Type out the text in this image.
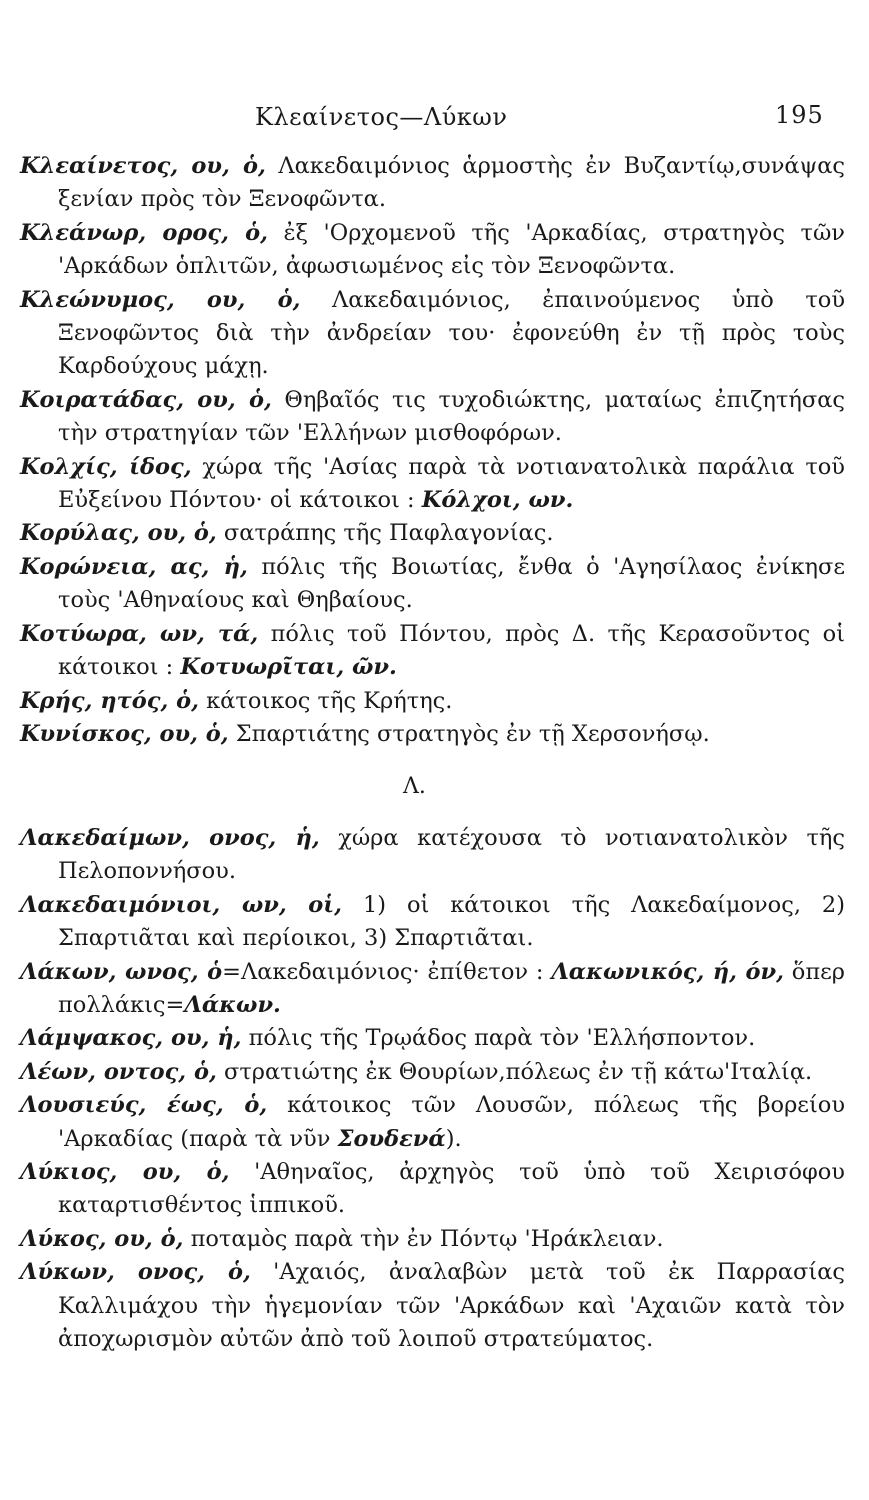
Κλεαίνετος—Λύκων	195

Κλεαίνετος, ου, ὁ, Λακεδαιμόνιος ἁρμοστὴς ἐν Βυζαντίῳ,συνάψας ξενίαν πρὸς τὸν Ξενοφῶντα.

Κλεάνωρ, ορος, ὁ, ἐξ 'Ορχομενοῦ τῆς 'Αρκαδίας, στρατηγὸς τῶν 'Αρκάδων ὁπλιτῶν, ἀφωσιωμένος εἰς τὸν Ξενοφῶντα.

Κλεώνυμος, ου, ὁ, Λακεδαιμόνιος, ἐπαινούμενος ὑπὸ τοῦ Ξενοφῶντος διὰ τὴν ἀνδρείαν του· ἐφονεύθη ἐν τῇ πρὸς τοὺς Καρδούχους μάχῃ.

Κοιρατάδας, ου, ὁ, Θηβαῖός τις τυχοδιώκτης, ματαίως ἐπιζητήσας τὴν στρατηγίαν τῶν 'Ελλήνων μισθοφόρων.

Κολχίς, ίδος, χώρα τῆς 'Ασίας παρὰ τὰ νοτιανατολικὰ παράλια τοῦ Εὐξείνου Πόντου· οἱ κάτοικοι : Κόλχοι, ων.

Κορύλας, ου, ὁ, σατράπης τῆς Παφλαγονίας.

Κορώνεια, ας, ἡ, πόλις τῆς Βοιωτίας, ἔνθα ὁ 'Αγησίλαος ἐνίκησε τοὺς 'Αθηναίους καὶ Θηβαίους.

Κοτύωρα, ων, τά, πόλις τοῦ Πόντου, πρὸς Δ. τῆς Κερασοῦντος οἱ κάτοικοι : Κοτυωρῖται, ῶν.

Κρής, ητός, ὁ, κάτοικος τῆς Κρήτης.

Κυνίσκος, ου, ὁ, Σπαρτιάτης στρατηγὸς ἐν τῇ Χερσονήσῳ.

Λ.

Λακεδαίμων, ονος, ἡ, χώρα κατέχουσα τὸ νοτιανατολικὸν τῆς Πελοποννήσου.

Λακεδαιμόνιοι, ων, οἱ, 1) οἱ κάτοικοι τῆς Λακεδαίμονος, 2) Σπαρτιᾶται καὶ περίοικοι, 3) Σπαρτιᾶται.

Λάκων, ωνος, ὁ=Λακεδαιμόνιος· ἐπίθετον : Λακωνικός, ή, όν, ὅπερ πολλάκις=Λάκων.

Λάμψακος, ου, ἡ, πόλις τῆς Τρῳάδος παρὰ τὸν 'Ελλήσποντον.

Λέων, οντος, ὁ, στρατιώτης ἐκ Θουρίων,πόλεως ἐν τῇ κάτω'Ιταλίᾳ.

Λουσιεύς, έως, ὁ, κάτοικος τῶν Λουσῶν, πόλεως τῆς βορείου 'Αρκαδίας (παρὰ τὰ νῦν Σουδενά).

Λύκιος, ου, ὁ, 'Αθηναῖος, ἀρχηγὸς τοῦ ὑπὸ τοῦ Χειρισόφου καταρτισθέντος ἱππικοῦ.

Λύκος, ου, ὁ, ποταμὸς παρὰ τὴν ἐν Πόντῳ 'Ηράκλειαν.

Λύκων, ονος, ὁ, 'Αχαιός, ἀναλαβὼν μετὰ τοῦ ἐκ Παρρασίας Καλλιμάχου τὴν ἡγεμονίαν τῶν 'Αρκάδων καὶ 'Αχαιῶν κατὰ τὸν ἀποχωρισμὸν αὐτῶν ἀπὸ τοῦ λοιποῦ στρατεύματος.
